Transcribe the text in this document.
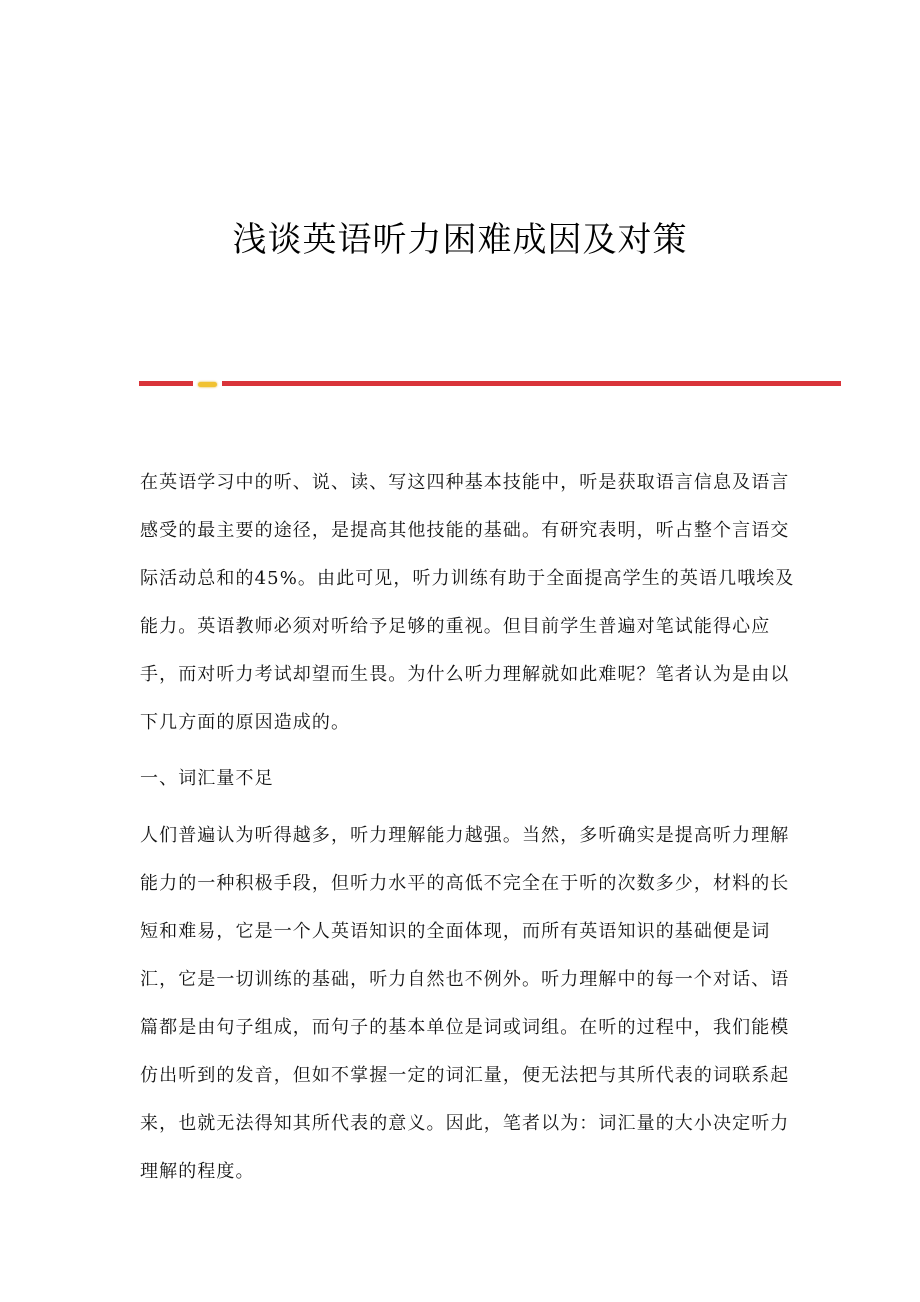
浅谈英语听力困难成因及对策
在英语学习中的听、说、读、写这四种基本技能中，听是获取语言信息及语言
感受的最主要的途径，是提高其他技能的基础。有研究表明，听占整个言语交
际活动总和的45%。由此可见，听力训练有助于全面提高学生的英语几哦埃及
能力。英语教师必须对听给予足够的重视。但目前学生普遍对笔试能得心应
手，而对听力考试却望而生畏。为什么听力理解就如此难呢？笔者认为是由以
下几方面的原因造成的。
一、词汇量不足
人们普遍认为听得越多，听力理解能力越强。当然，多听确实是提高听力理解
能力的一种积极手段，但听力水平的高低不完全在于听的次数多少，材料的长
短和难易，它是一个人英语知识的全面体现，而所有英语知识的基础便是词
汇，它是一切训练的基础，听力自然也不例外。听力理解中的每一个对话、语
篇都是由句子组成，而句子的基本单位是词或词组。在听的过程中，我们能模
仿出听到的发音，但如不掌握一定的词汇量，便无法把与其所代表的词联系起
来，也就无法得知其所代表的意义。因此，笔者以为：词汇量的大小决定听力
理解的程度。
